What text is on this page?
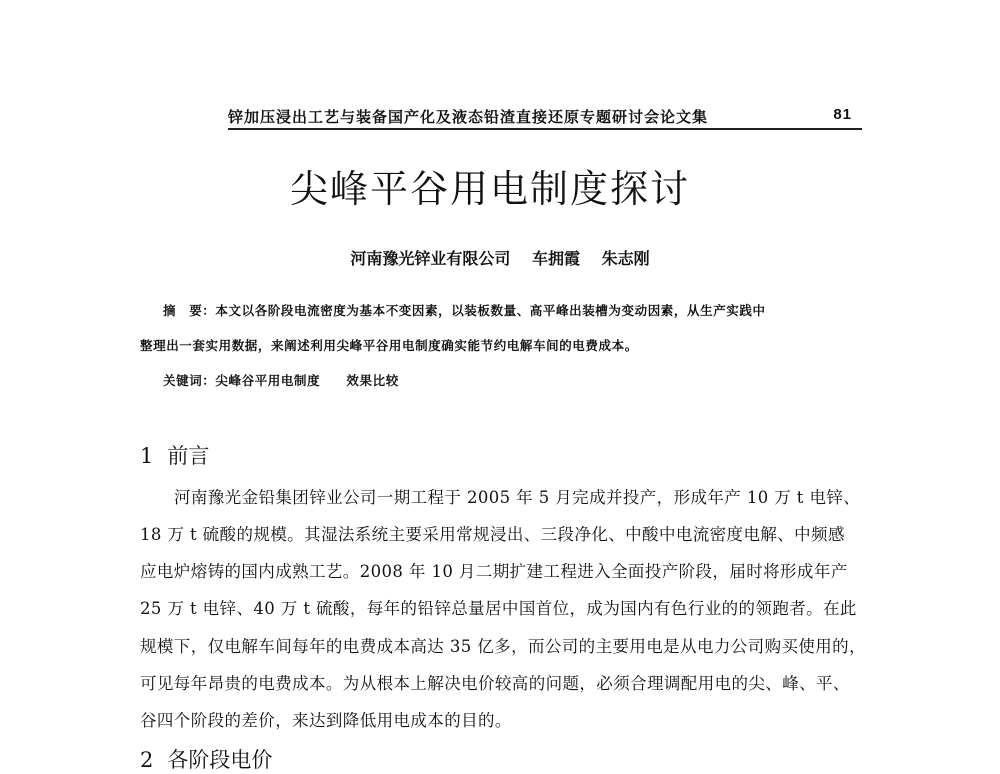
锌加压浸出工艺与装备国产化及液态铅渣直接还原专题研讨会论文集	81
尖峰平谷用电制度探讨
河南豫光锌业有限公司 车拥霞 朱志刚
摘　要：本文以各阶段电流密度为基本不变因素，以装板数量、高平峰出装槽为变动因素，从生产实践中
整理出一套实用数据，来阐述利用尖峰平谷用电制度确实能节约电解车间的电费成本。
关键词：尖峰谷平用电制度　　 效果比较
1 前言
河南豫光金铅集团锌业公司一期工程于 2005 年 5 月完成并投产，形成年产 10 万 t 电锌、
18 万 t 硫酸的规模。其湿法系统主要采用常规浸出、三段净化、中酸中电流密度电解、中频感
应电炉熔铸的国内成熟工艺。2008 年 10 月二期扩建工程进入全面投产阶段，届时将形成年产
25 万 t 电锌、40 万 t 硫酸，每年的铅锌总量居中国首位，成为国内有色行业的的领跑者。在此
规模下，仅电解车间每年的电费成本高达 35 亿多，而公司的主要用电是从电力公司购买使用的，
可见每年昂贵的电费成本。为从根本上解决电价较高的问题，必须合理调配用电的尖、峰、平、
谷四个阶段的差价，来达到降低用电成本的目的。
2 各阶段电价
